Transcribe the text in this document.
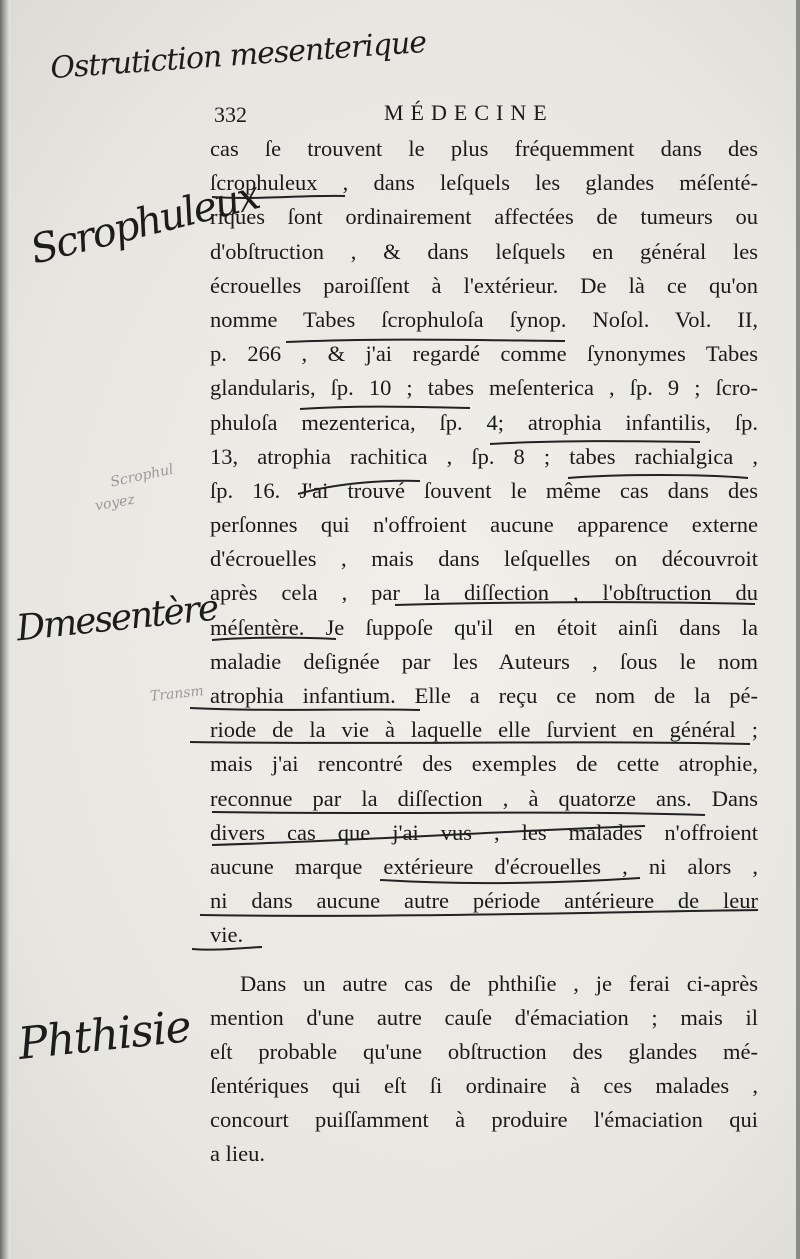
Ostrutiction mesenterique
Scrophuleux
Dmesentère
Phthisie
Scrophul
voyez
Transm
332	MÉDECINE
cas ſe trouvent le plus fréquemment dans des
ſcrophuleux , dans leſquels les glandes méſenté-
riques ſont ordinairement affectées de tumeurs ou
d'obſtruction , & dans leſquels en général les
écrouelles paroiſſent à l'extérieur. De là ce qu'on
nomme Tabes ſcrophuloſa ſynop. Noſol. Vol. II,
p. 266 , & j'ai regardé comme ſynonymes Tabes
glandularis, ſp. 10 ; tabes meſenterica , ſp. 9 ; ſcro-
phuloſa mezenterica, ſp. 4; atrophia infantilis, ſp.
13, atrophia rachitica , ſp. 8 ; tabes rachialgica ,
ſp. 16. J'ai trouvé ſouvent le même cas dans des
perſonnes qui n'offroient aucune apparence externe
d'écrouelles , mais dans leſquelles on découvroit
après cela , par la diſſection , l'obſtruction du
méſentère. Je ſuppoſe qu'il en étoit ainſi dans la
maladie deſignée par les Auteurs , ſous le nom
atrophia infantium. Elle a reçu ce nom de la pé-
riode de la vie à laquelle elle ſurvient en général ;
mais j'ai rencontré des exemples de cette atrophie,
reconnue par la diſſection , à quatorze ans. Dans
divers cas que j'ai vus , les malades n'offroient
aucune marque extérieure d'écrouelles , ni alors ,
ni dans aucune autre période antérieure de leur
vie.
Dans un autre cas de phthiſie , je ferai ci-après
mention d'une autre cauſe d'émaciation ; mais il
eſt probable qu'une obſtruction des glandes mé-
ſentériques qui eſt ſi ordinaire à ces malades ,
concourt puiſſamment à produire l'émaciation qui
a lieu.
